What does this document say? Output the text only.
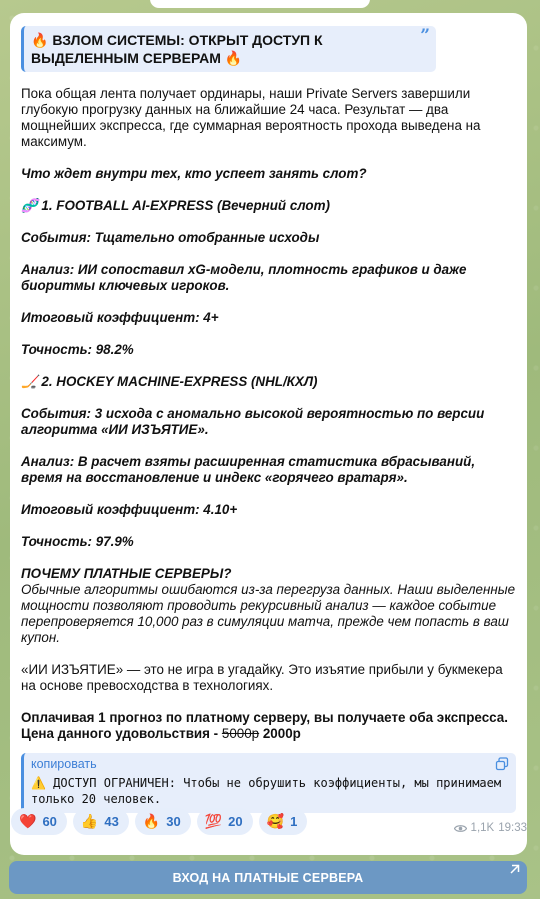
🔥 ВЗЛОМ СИСТЕМЫ: ОТКРЫТ ДОСТУП К ВЫДЕЛЕННЫМ СЕРВЕРАМ 🔥
”

Пока общая лента получает ординары, наши Private Servers завершили глубокую прогрузку данных на ближайшие 24 часа. Результат — два мощнейших экспресса, где суммарная вероятность прохода выведена на максимум.

Что ждет внутри тех, кто успеет занять слот?

🧬 1. FOOTBALL AI-EXPRESS (Вечерний слот)

События: Тщательно отобранные исходы

Анализ: ИИ сопоставил xG-модели, плотность графиков и даже биоритмы ключевых игроков.

Итоговый коэффициент: 4+

Точность: 98.2%

🏒 2. HOCKEY MACHINE-EXPRESS (NHL/КХЛ)

События: 3 исхода с аномально высокой вероятностью по версии алгоритма «ИИ ИЗЪЯТИЕ».

Анализ: В расчет взяты расширенная статистика вбрасываний, время на восстановление и индекс «горячего вратаря».

Итоговый коэффициент: 4.10+

Точность: 97.9%

ПОЧЕМУ ПЛАТНЫЕ СЕРВЕРЫ?
Обычные алгоритмы ошибаются из-за перегруза данных. Наши выделенные мощности позволяют проводить рекурсивный анализ — каждое событие перепроверяется 10,000 раз в симуляции матча, прежде чем попасть в ваш купон.

«ИИ ИЗЪЯТИЕ» — это не игра в угадайку. Это изъятие прибыли у букмекера на основе превосходства в технологиях.

Оплачивая 1 прогноз по платному серверу, вы получаете оба экспресса. Цена данного удовольствия - 5000р 2000р

копировать
⚠️ ДОСТУП ОГРАНИЧЕН: Чтобы не обрушить коэффициенты, мы принимаем только 20 человек.
❤️ 60 👍 43 🔥 30 💯 20 🥰 1	1,1K 19:33
ВХОД НА ПЛАТНЫЕ СЕРВЕРА
